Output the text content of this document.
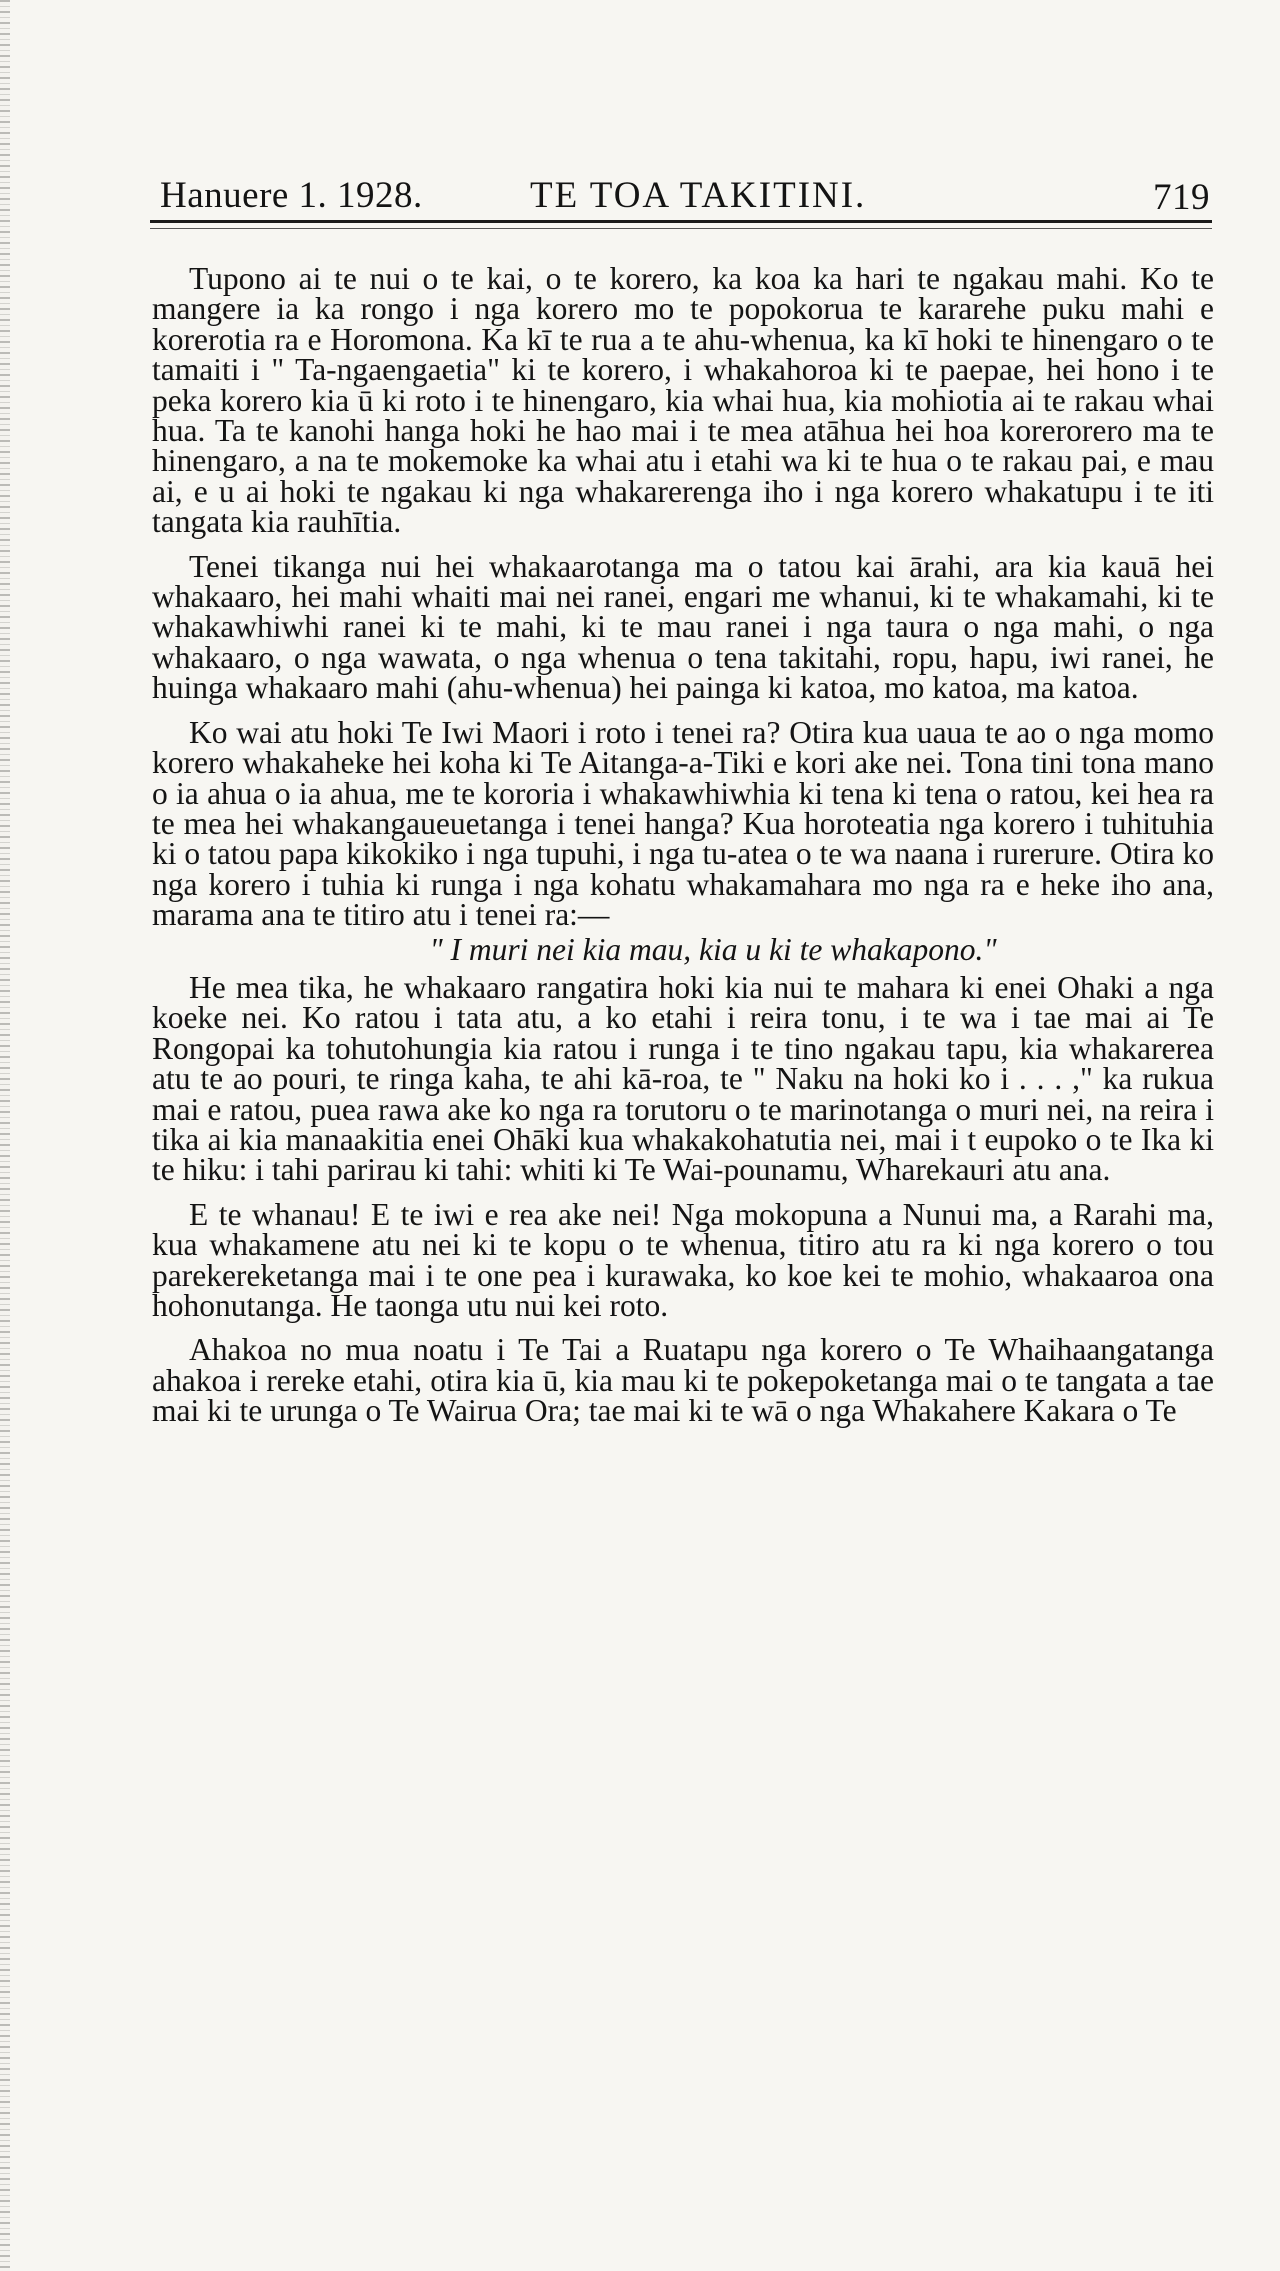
Hanuere 1. 1928.	TE TOA TAKITINI.	719

Tupono ai te nui o te kai, o te korero, ka koa ka hari te ngakau mahi. Ko te mangere ia ka rongo i nga korero mo te popokorua te kararehe puku mahi e korerotia ra e Horomona. Ka kī te rua a te ahu-whenua, ka kī hoki te hinengaro o te tamaiti i " Ta-ngaengaetia" ki te korero, i whakahoroa ki te paepae, hei hono i te peka korero kia ū ki roto i te hinengaro, kia whai hua, kia mohiotia ai te rakau whai hua. Ta te kanohi hanga hoki he hao mai i te mea atāhua hei hoa korerorero ma te hinengaro, a na te mokemoke ka whai atu i etahi wa ki te hua o te rakau pai, e mau ai, e u ai hoki te ngakau ki nga whakarerenga iho i nga korero whakatupu i te iti tangata kia rauhītia.

Tenei tikanga nui hei whakaarotanga ma o tatou kai ārahi, ara kia kauā hei whakaaro, hei mahi whaiti mai nei ranei, engari me whanui, ki te whakamahi, ki te whakawhiwhi ranei ki te mahi, ki te mau ranei i nga taura o nga mahi, o nga whakaaro, o nga wawata, o nga whenua o tena takitahi, ropu, hapu, iwi ranei, he huinga whakaaro mahi (ahu-whenua) hei painga ki katoa, mo katoa, ma katoa.

Ko wai atu hoki Te Iwi Maori i roto i tenei ra? Otira kua uaua te ao o nga momo korero whakaheke hei koha ki Te Aitanga-a-Tiki e kori ake nei. Tona tini tona mano o ia ahua o ia ahua, me te kororia i whakawhiwhia ki tena ki tena o ratou, kei hea ra te mea hei whakangaueuetanga i tenei hanga? Kua horoteatia nga korero i tuhituhia ki o tatou papa kikokiko i nga tupuhi, i nga tu-atea o te wa naana i rurerure. Otira ko nga korero i tuhia ki runga i nga kohatu whakamahara mo nga ra e heke iho ana, marama ana te titiro atu i tenei ra:—

" I muri nei kia mau, kia u ki te whakapono."

He mea tika, he whakaaro rangatira hoki kia nui te mahara ki enei Ohaki a nga koeke nei. Ko ratou i tata atu, a ko etahi i reira tonu, i te wa i tae mai ai Te Rongopai ka tohutohungia kia ratou i runga i te tino ngakau tapu, kia whakarerea atu te ao pouri, te ringa kaha, te ahi kā-roa, te " Naku na hoki ko i . . . ," ka rukua mai e ratou, puea rawa ake ko nga ra torutoru o te marinotanga o muri nei, na reira i tika ai kia manaakitia enei Ohāki kua whakakohatutia nei, mai i t eupoko o te Ika ki te hiku: i tahi parirau ki tahi: whiti ki Te Wai-pounamu, Wharekauri atu ana.

E te whanau! E te iwi e rea ake nei! Nga mokopuna a Nunui ma, a Rarahi ma, kua whakamene atu nei ki te kopu o te whenua, titiro atu ra ki nga korero o tou parekereketanga mai i te one pea i kurawaka, ko koe kei te mohio, whakaaroa ona hohonutanga. He taonga utu nui kei roto.

Ahakoa no mua noatu i Te Tai a Ruatapu nga korero o Te Whaihaangatanga ahakoa i rereke etahi, otira kia ū, kia mau ki te pokepoketanga mai o te tangata a tae mai ki te urunga o Te Wairua Ora; tae mai ki te wā o nga Whakahere Kakara o Te
